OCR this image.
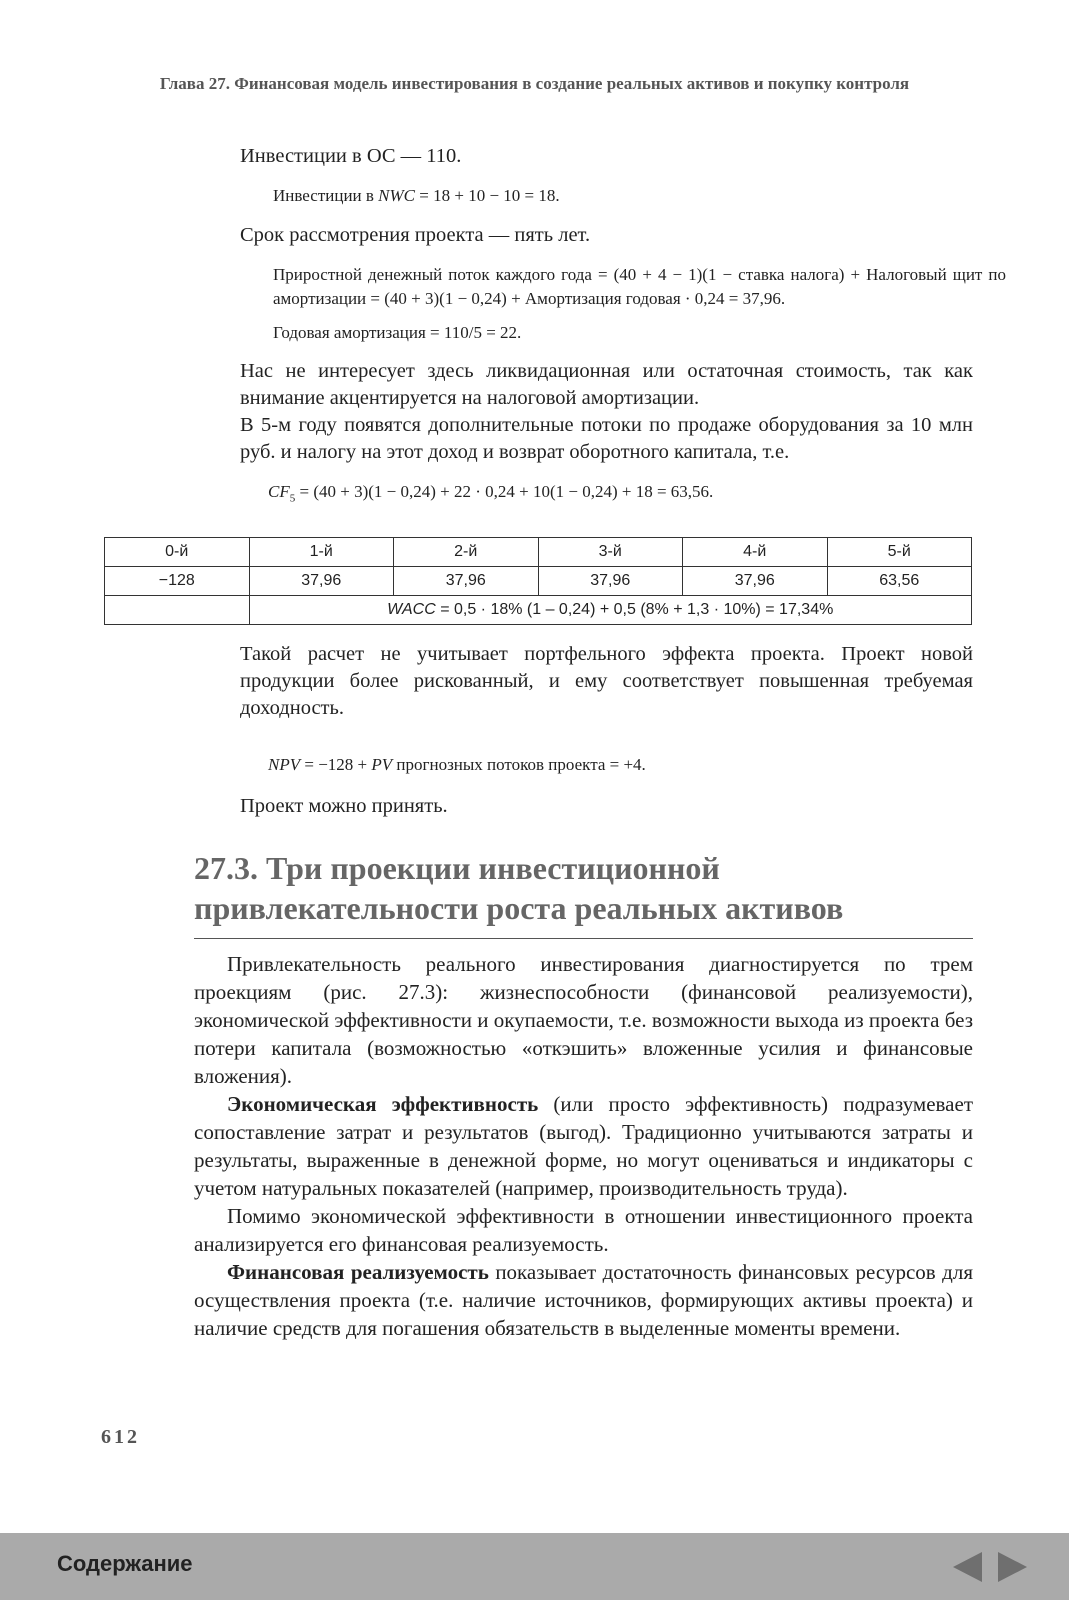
Глава 27. Финансовая модель инвестирования в создание реальных активов и покупку контроля
Инвестиции в ОС — 110.
Инвестиции в NWC = 18 + 10 − 10 = 18.
Срок рассмотрения проекта — пять лет.
Приростной денежный поток каждого года = (40 + 4 − 1)(1 − ставка налога) + Налоговый щит по амортизации = (40 + 3)(1 − 0,24) + Амортизация годовая · 0,24 = 37,96.
Годовая амортизация = 110/5 = 22.
Нас не интересует здесь ликвидационная или остаточная стоимость, так как внимание акцентируется на налоговой амортизации.
В 5-м году появятся дополнительные потоки по продаже оборудования за 10 млн руб. и налогу на этот доход и возврат оборотного капитала, т.е.
$CF_5 = (40 + 3)(1 - 0,24) + 22 \cdot 0,24 + 10(1 - 0,24) + 18 = 63,56$.
0-й	1-й	2-й	3-й	4-й	5-й
−128	37,96	37,96	37,96	37,96	63,56
	WACC = 0,5 · 18% (1 – 0,24) + 0,5 (8% + 1,3 · 10%) = 17,34%				
Такой расчет не учитывает портфельного эффекта проекта. Проект новой продукции более рискованный, и ему соответствует повышенная требуемая доходность.
NPV = −128 + PV прогнозных потоков проекта = +4.
Проект можно принять.
27.3. Три проекции инвестиционной
привлекательности роста реальных активов

Привлекательность реального инвестирования диагностируется по трем проекциям (рис. 27.3): жизнеспособности (финансовой реализуемости), экономической эффективности и окупаемости, т.е. возможности выхода из проекта без потери капитала (возможностью «откэшить» вложенные усилия и финансовые вложения).

Экономическая эффективность (или просто эффективность) подразумевает сопоставление затрат и результатов (выгод). Традиционно учитываются затраты и результаты, выраженные в денежной форме, но могут оцениваться и индикаторы с учетом натуральных показателей (например, производительность труда).

Помимо экономической эффективности в отношении инвестиционного проекта анализируется его финансовая реализуемость.

Финансовая реализуемость показывает достаточность финансовых ресурсов для осуществления проекта (т.е. наличие источников, формирующих активы проекта) и наличие средств для погашения обязательств в выделенные моменты времени.

612
Содержание
